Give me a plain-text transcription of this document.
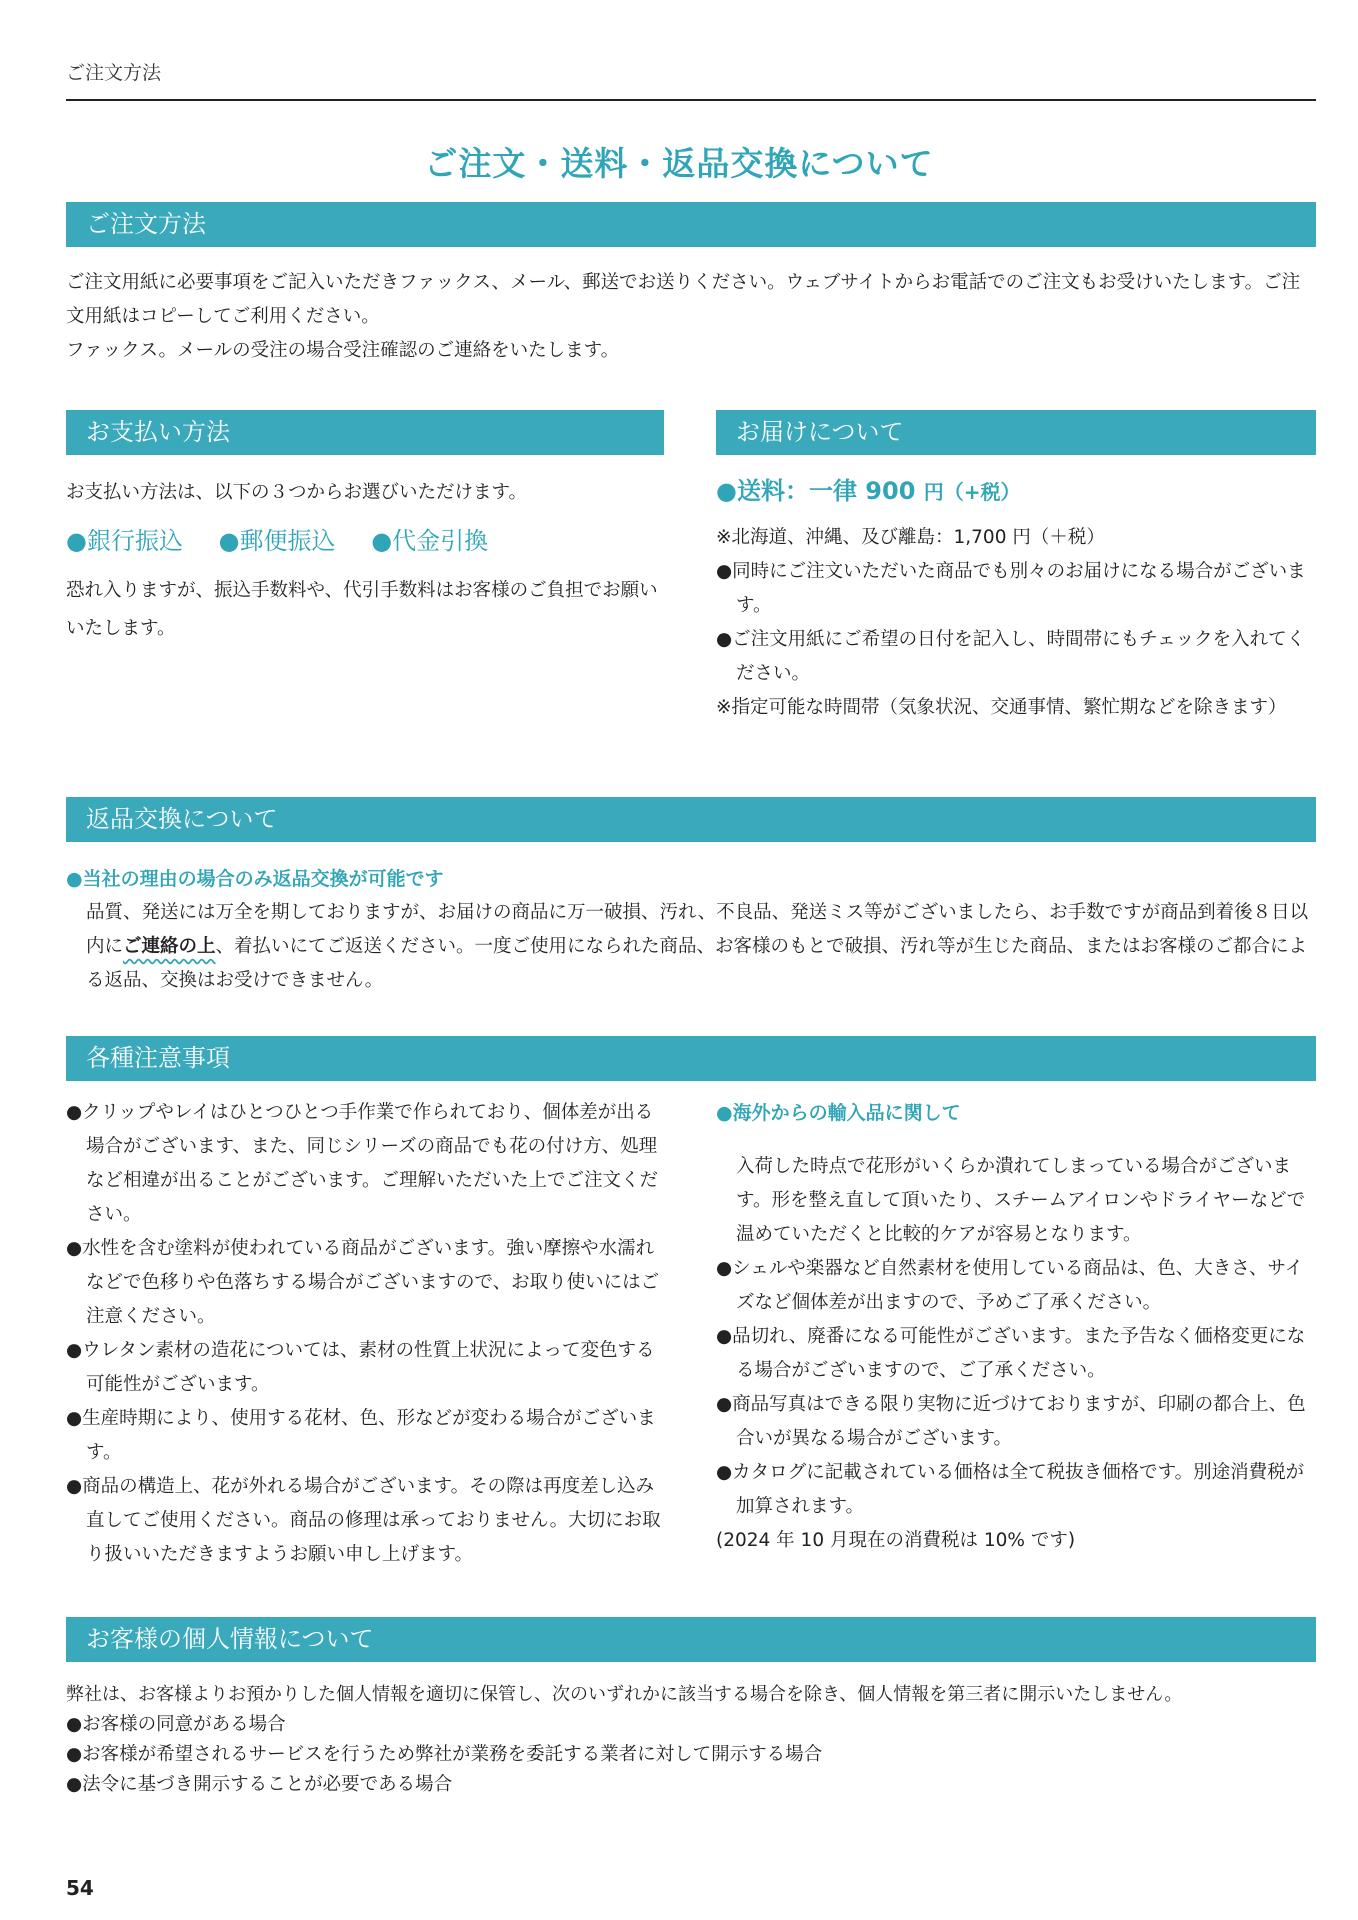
ご注文方法
ご注文・送料・返品交換について
ご注文方法

ご注文用紙に必要事項をご記入いただきファックス、メール、郵送でお送りください。ウェブサイトからお電話でのご注文もお受けいたします。ご注文用紙はコピーしてご利用ください。

ファックス。メールの受注の場合受注確認のご連絡をいたします。

お支払い方法

お支払い方法は、以下の３つからお選びいただけます。

●銀行振込 ●郵便振込 ●代金引換

恐れ入りますが、振込手数料や、代引手数料はお客様のご負担でお願いいたします。

お届けについて

●送料：一律 900 円（+税）

※北海道、沖縄、及び離島：1,700 円（＋税）
●同時にご注文いただいた商品でも別々のお届けになる場合がございます。
●ご注文用紙にご希望の日付を記入し、時間帯にもチェックを入れてください。
※指定可能な時間帯（気象状況、交通事情、繁忙期などを除きます）
返品交換について

●当社の理由の場合のみ返品交換が可能です

品質、発送には万全を期しておりますが、お届けの商品に万一破損、汚れ、不良品、発送ミス等がございましたら、お手数ですが商品到着後８日以内にご連絡の上、着払いにてご返送ください。一度ご使用になられた商品、お客様のもとで破損、汚れ等が生じた商品、またはお客様のご都合による返品、交換はお受けできません。

各種注意事項
●クリップやレイはひとつひとつ手作業で作られており、個体差が出る場合がございます、また、同じシリーズの商品でも花の付け方、処理など相違が出ることがございます。ご理解いただいた上でご注文ください。
●水性を含む塗料が使われている商品がございます。強い摩擦や水濡れなどで色移りや色落ちする場合がございますので、お取り使いにはご注意ください。
●ウレタン素材の造花については、素材の性質上状況によって変色する可能性がございます。
●生産時期により、使用する花材、色、形などが変わる場合がございます。
●商品の構造上、花が外れる場合がございます。その際は再度差し込み直してご使用ください。商品の修理は承っておりません。大切にお取り扱いいただきますようお願い申し上げます。

●海外からの輸入品に関して

入荷した時点で花形がいくらか潰れてしまっている場合がございます。形を整え直して頂いたり、スチームアイロンやドライヤーなどで温めていただくと比較的ケアが容易となります。

●シェルや楽器など自然素材を使用している商品は、色、大きさ、サイズなど個体差が出ますので、予めご了承ください。
●品切れ、廃番になる可能性がございます。また予告なく価格変更になる場合がございますので、ご了承ください。
●商品写真はできる限り実物に近づけておりますが、印刷の都合上、色合いが異なる場合がございます。
●カタログに記載されている価格は全て税抜き価格です。別途消費税が加算されます。

(2024 年 10 月現在の消費税は 10% です)

お客様の個人情報について

弊社は、お客様よりお預かりした個人情報を適切に保管し、次のいずれかに該当する場合を除き、個人情報を第三者に開示いたしません。

●お客様の同意がある場合

●お客様が希望されるサービスを行うため弊社が業務を委託する業者に対して開示する場合

●法令に基づき開示することが必要である場合

54
